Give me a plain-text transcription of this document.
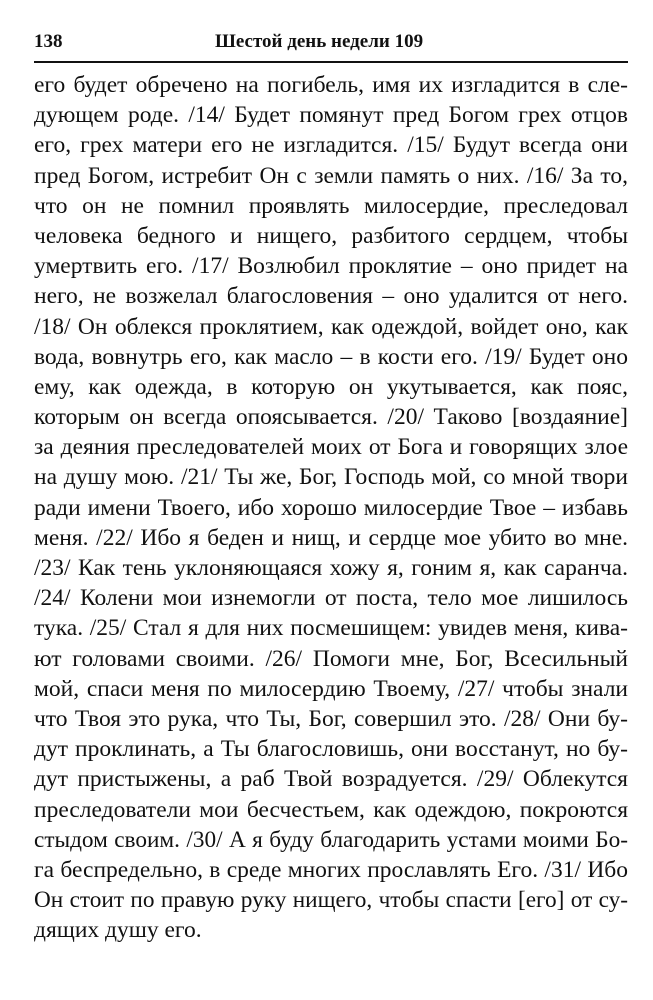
138	Шестой день недели 109
его будет обречено на погибель, имя их изгладится в сле-
дующем роде. /14/ Будет помянут пред Богом грех отцов
его, грех матери его не изгладится. /15/ Будут всегда они
пред Богом, истребит Он с земли память о них. /16/ За то,
что он не помнил проявлять милосердие, преследовал
человека бедного и нищего, разбитого сердцем, чтобы
умертвить его. /17/ Возлюбил проклятие – оно придет на
него, не возжелал благословения – оно удалится от него.
/18/ Он облекся проклятием, как одеждой, войдет оно, как
вода, вовнутрь его, как масло – в кости его. /19/ Будет оно
ему, как одежда, в которую он укутывается, как пояс,
которым он всегда опоясывается. /20/ Таково [воздаяние]
за деяния преследователей моих от Бога и говорящих злое
на душу мою. /21/ Ты же, Бог, Господь мой, со мной твори
ради имени Твоего, ибо хорошо милосердие Твое – избавь
меня. /22/ Ибо я беден и нищ, и сердце мое убито во мне.
/23/ Как тень уклоняющаяся хожу я, гоним я, как саранча.
/24/ Колени мои изнемогли от поста, тело мое лишилось
тука. /25/ Стал я для них посмешищем: увидев меня, кива-
ют головами своими. /26/ Помоги мне, Бог, Всесильный
мой, спаси меня по милосердию Твоему, /27/ чтобы знали
что Твоя это рука, что Ты, Бог, совершил это. /28/ Они бу-
дут проклинать, а Ты благословишь, они восстанут, но бу-
дут пристыжены, а раб Твой возрадуется. /29/ Облекутся
преследователи мои бесчестьем, как одеждою, покроются
стыдом своим. /30/ А я буду благодарить устами моими Бо-
га беспредельно, в среде многих прославлять Его. /31/ Ибо
Он стоит по правую руку нищего, чтобы спасти [его] от су-
дящих душу его.
